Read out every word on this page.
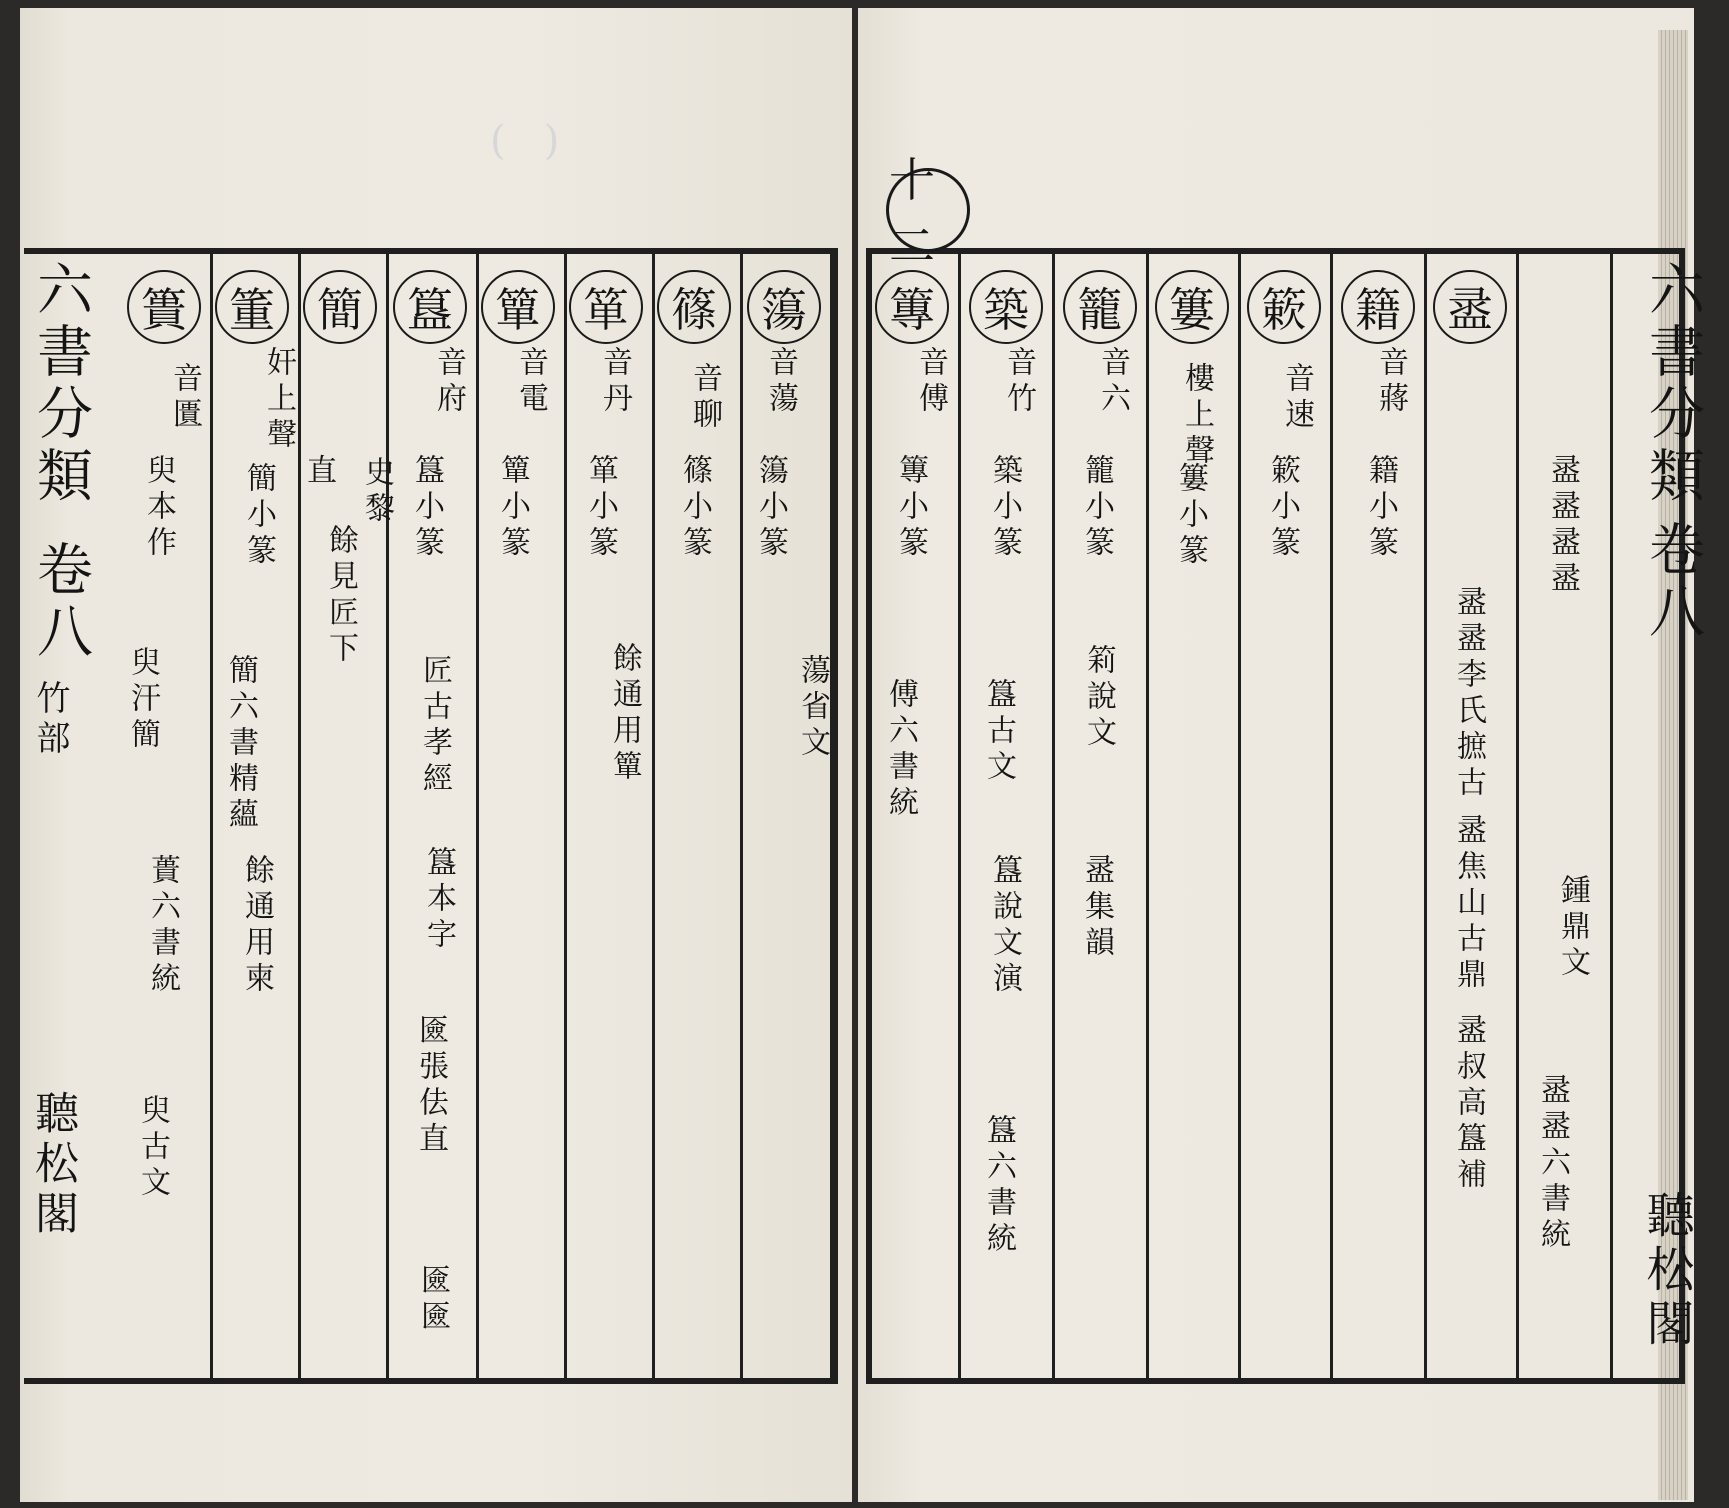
(   )
簜
音蕩
簜小篆
蕩省文
篠
音聊
篠小篆
箪
音丹
箪小篆
餘通用簞
簞
音電
簞小篆
簋
音府
簋小篆
匠古孝經
簋本字
匳張佉直
匳匳
簡
史黎
餘見匠下
直
箽
奸上聲
簡小篆
簡六書精蘊
餘通用柬
簣
音匱
臾本作
臾汗簡
蕢六書統
臾古文
篿
音傅
篿小篆
傅六書統
築
音竹
築小篆
簋古文
簋說文演
簋六書統
籠
音六
籠小篆
筣說文
盝集韻
簍
樓上聲
簍小篆
簌
音速
簌小篆
籍
音蔣
籍小篆
盝
盝盝李氏摭古
盝焦山古鼎
盝叔高簋補
盝盝盝盝
鍾鼎文
盝盝六書統
十二
六書分類
卷八
竹部
聽松閣
六書分類
卷八
聽松閣
